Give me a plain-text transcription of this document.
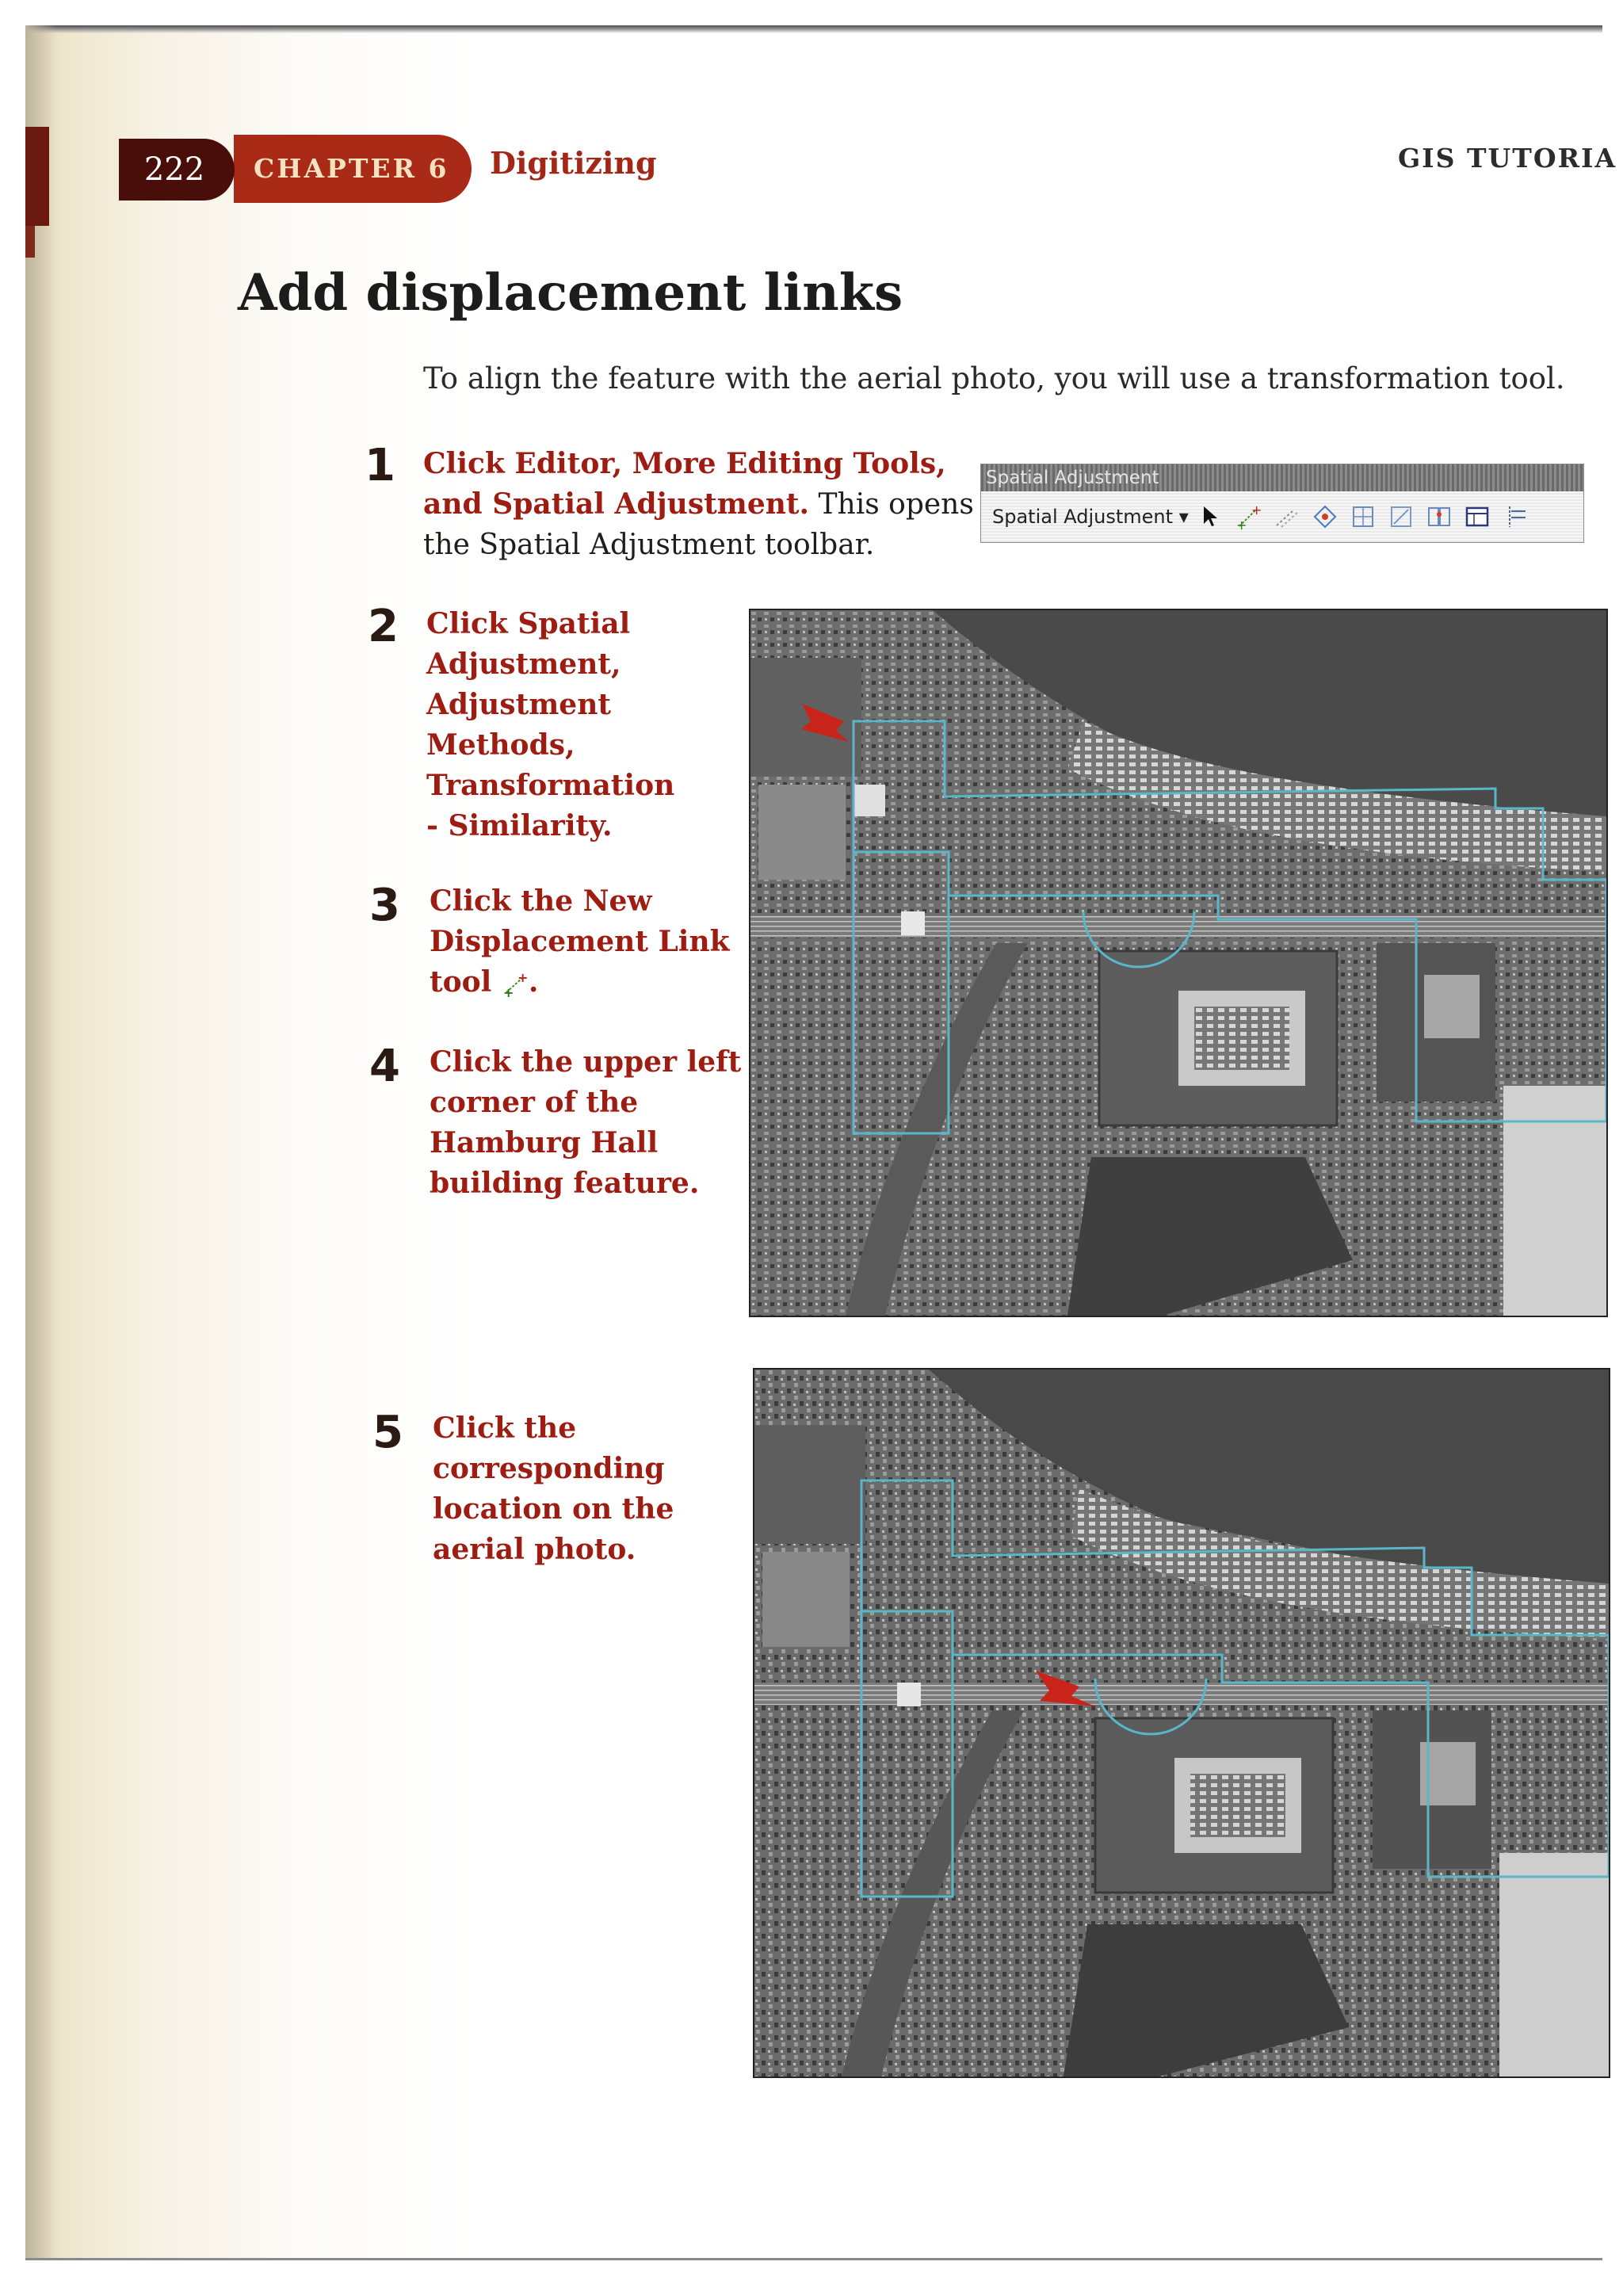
222	CHAPTER 6 Digitizing	GIS TUTORIA
Add displacement links
To align the feature with the aerial photo, you will use a transformation tool.
1 Click Editor, More Editing Tools,
and Spatial Adjustment. This opens
the Spatial Adjustment toolbar.
Spatial Adjustment
Spatial Adjustment ▾	+
+
2 Click Spatial
Adjustment,
Adjustment
Methods,
Transformation
- Similarity.
3 Click the New
Displacement Link
tool +
+ .
4 Click the upper left
corner of the
Hamburg Hall
building feature.
5 Click the
corresponding
location on the
aerial photo.
